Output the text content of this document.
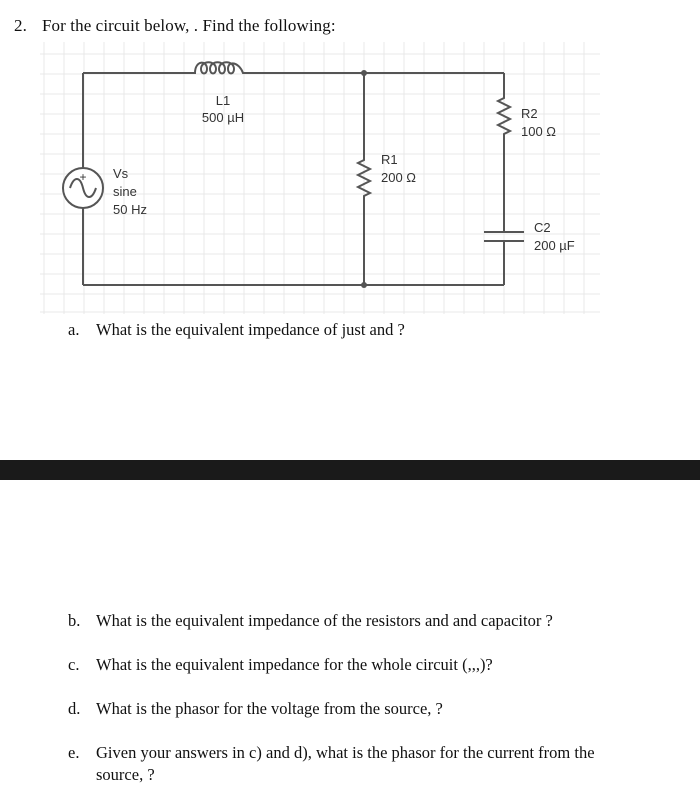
2. For the circuit below, . Find the following:
L1
500 µH
R1
200 Ω
R2
100 Ω
C2
200 µF
+ Vs
sine
50 Hz
a. What is the equivalent impedance of just and ?
b. What is the equivalent impedance of the resistors and and capacitor ?
c. What is the equivalent impedance for the whole circuit (,,,)?
d. What is the phasor for the voltage from the source, ?
e. Given your answers in c) and d), what is the phasor for the current from the
source, ?
